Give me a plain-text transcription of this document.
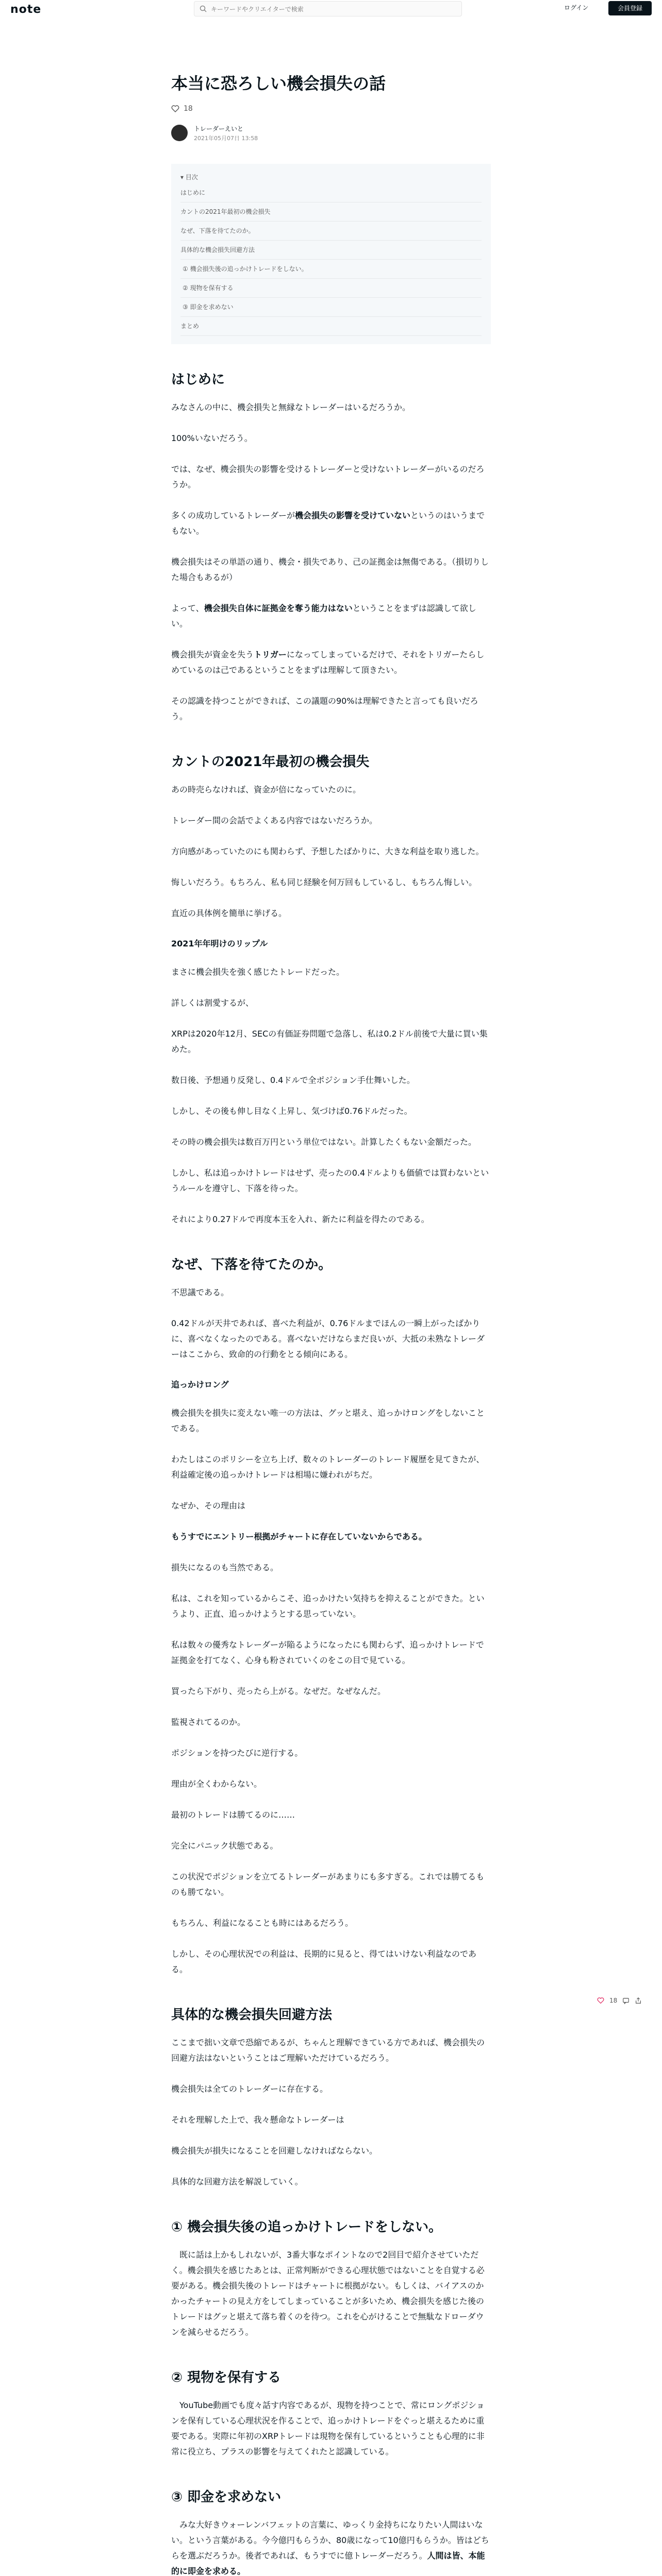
note
キーワードやクリエイターで検索	ログイン	会員登録
本当に恐ろしい機会損失の話
18
トレーダーえいと
2021年05月07日 13:58
▾ 目次
はじめに
カントの2021年最初の機会損失
なぜ、下落を待てたのか。
具体的な機会損失回避方法
① 機会損失後の追っかけトレードをしない。
② 現物を保有する
③ 即金を求めない
まとめ
はじめに

みなさんの中に、機会損失と無縁なトレーダーはいるだろうか。

100%いないだろう。

では、なぜ、機会損失の影響を受けるトレーダーと受けないトレーダーがいるのだろうか。

多くの成功しているトレーダーが機会損失の影響を受けていないというのはいうまでもない。

機会損失はその単語の通り、機会・損失であり、己の証拠金は無傷である。（損切りした場合もあるが）

よって、機会損失自体に証拠金を奪う能力はないということをまずは認識して欲しい。

機会損失が資金を失うトリガーになってしまっているだけで、それをトリガーたらしめているのは己であるということをまずは理解して頂きたい。

その認識を持つことができれば、この議題の90%は理解できたと言っても良いだろう。

カントの2021年最初の機会損失

あの時売らなければ、資金が倍になっていたのに。

トレーダー間の会話でよくある内容ではないだろうか。

方向感があっていたのにも関わらず、予想したばかりに、大きな利益を取り逃した。

悔しいだろう。もちろん、私も同じ経験を何万回もしているし、もちろん悔しい。

直近の具体例を簡単に挙げる。

2021年年明けのリップル

まさに機会損失を強く感じたトレードだった。

詳しくは割愛するが、

XRPは2020年12月、SECの有価証券問題で急落し、私は0.2ドル前後で大量に買い集めた。

数日後、予想通り反発し、0.4ドルで全ポジション手仕舞いした。

しかし、その後も伸し目なく上昇し、気づけば0.76ドルだった。

その時の機会損失は数百万円という単位ではない。計算したくもない金額だった。

しかし、私は追っかけトレードはせず、売ったの0.4ドルよりも価値では買わないというルールを遵守し、下落を待った。

それにより0.27ドルで再度本玉を入れ、新たに利益を得たのである。

なぜ、下落を待てたのか。

不思議である。

0.42ドルが天井であれば、喜べた利益が、0.76ドルまでほんの一瞬上がったばかりに、喜べなくなったのである。喜べないだけならまだ良いが、大抵の未熟なトレーダーはここから、致命的の行動をとる傾向にある。

追っかけロング

機会損失を損失に変えない唯一の方法は、グッと堪え、追っかけロングをしないことである。

わたしはこのポリシーを立ち上げ、数々のトレーダーのトレード履歴を見てきたが、利益確定後の追っかけトレードは相場に嫌われがちだ。

なぜか、その理由は

もうすでにエントリー根拠がチャートに存在していないからである。

損失になるのも当然である。

私は、これを知っているからこそ、追っかけたい気持ちを抑えることができた。というより、正直、追っかけようとする思っていない。

私は数々の優秀なトレーダーが陥るようになったにも関わらず、追っかけトレードで証拠金を打てなく、心身も粉されていくのをこの目で見ている。

買ったら下がり、売ったら上がる。なぜだ。なぜなんだ。

監視されてるのか。

ポジションを持つたびに逆行する。

理由が全くわからない。

最初のトレードは勝てるのに……

完全にパニック状態である。

この状況でポジションを立てるトレーダーがあまりにも多すぎる。これでは勝てるものも勝てない。

もちろん、利益になることも時にはあるだろう。

しかし、その心理状況での利益は、長期的に見ると、得てはいけない利益なのである。

具体的な機会損失回避方法

ここまで拙い文章で恐縮であるが、ちゃんと理解できている方であれば、機会損失の回避方法はないということはご理解いただけているだろう。

機会損失は全てのトレーダーに存在する。

それを理解した上で、我々懸命なトレーダーは

機会損失が損失になることを回避しなければならない。

具体的な回避方法を解説していく。

① 機会損失後の追っかけトレードをしない。

　既に話は上かもしれないが、3番大事なポイントなので2回目で紹介させていただく。機会損失を感じたあとは、正常判断ができる心理状態ではないことを自覚する必要がある。機会損失後のトレードはチャートに根拠がない。もしくは、バイアスのかかったチャートの見え方をしてしまっていることが多いため、機会損失を感じた後のトレードはグッと堪えて落ち着くのを待つ。これを心がけることで無駄なドローダウンを減らせるだろう。

② 現物を保有する

　YouTube動画でも度々話す内容であるが、現物を持つことで、常にロングポジションを保有している心理状況を作ることで、追っかけトレードをぐっと堪えるために重要である。実際に年初のXRPトレードは現物を保有しているということも心理的に非常に役立ち、プラスの影響を与えてくれたと認識している。

③ 即金を求めない

　みな大好きウォーレンバフェットの言葉に、ゆっくり金持ちになりたい人間はいない。という言葉がある。今今億円もらうか、80歳になって10億円もらうか。皆はどちらを選ぶだろうか。後者であれば、もうすでに億トレーダーだろう。人間は皆、本能的に即金を求める。

18
